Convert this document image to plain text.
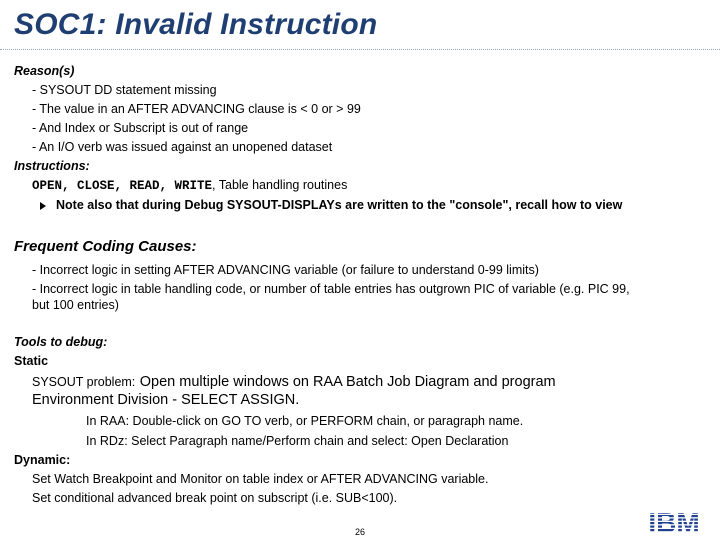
SOC1: Invalid Instruction
Reason(s)
- SYSOUT DD statement missing
- The value in an AFTER ADVANCING clause is < 0 or > 99
- And Index or Subscript is out of range
- An I/O verb was issued against an unopened dataset
Instructions:
OPEN, CLOSE, READ, WRITE, Table handling routines
Note also that during Debug SYSOUT-DISPLAYs are written to the "console", recall how to view
Frequent Coding Causes:
- Incorrect logic in setting AFTER ADVANCING variable (or failure to understand 0-99 limits)
- Incorrect logic in table handling code, or number of table entries has outgrown PIC of variable (e.g. PIC 99,
but 100 entries)
Tools to debug:
Static
SYSOUT problem: Open multiple windows on RAA Batch Job Diagram and program
Environment Division - SELECT ASSIGN.
In RAA: Double-click on GO TO verb, or PERFORM chain, or paragraph name.
In RDz: Select Paragraph name/Perform chain and select: Open Declaration
Dynamic:
Set Watch Breakpoint and Monitor on table index or AFTER ADVANCING variable.
Set conditional advanced break point on subscript (i.e. SUB<100).
26
